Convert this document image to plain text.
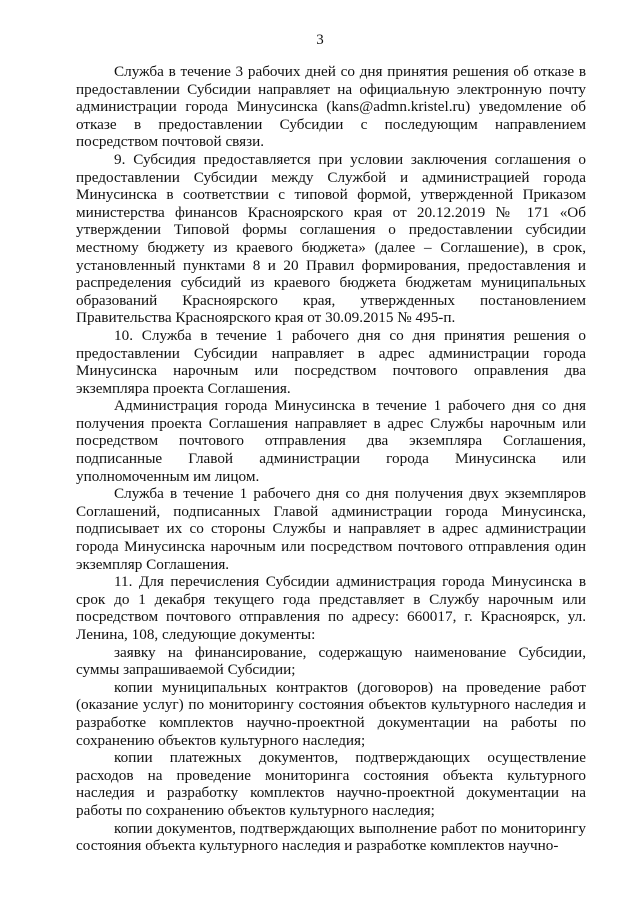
3

Служба в течение 3 рабочих дней со дня принятия решения об отказе в предоставлении Субсидии направляет на официальную электронную почту администрации города Минусинска (kans@admn.kristel.ru) уведомление об отказе в предоставлении Субсидии с последующим направлением посредством почтовой связи.

9. Субсидия предоставляется при условии заключения соглашения о предоставлении Субсидии между Службой и администрацией города Минусинска в соответствии с типовой формой, утвержденной Приказом министерства финансов Красноярского края от 20.12.2019 № 171 «Об утверждении Типовой формы соглашения о предоставлении субсидии местному бюджету из краевого бюджета» (далее – Соглашение), в срок, установленный пунктами 8 и 20 Правил формирования, предоставления и распределения субсидий из краевого бюджета бюджетам муниципальных образований Красноярского края, утвержденных постановлением Правительства Красноярского края от 30.09.2015 № 495-п.

10. Служба в течение 1 рабочего дня со дня принятия решения о предоставлении Субсидии направляет в адрес администрации города Минусинска нарочным или посредством почтового оправления два экземпляра проекта Соглашения.

Администрация города Минусинска в течение 1 рабочего дня со дня получения проекта Соглашения направляет в адрес Службы нарочным или посредством почтового отправления два экземпляра Соглашения, подписанные Главой администрации города Минусинска или уполномоченным им лицом.

Служба в течение 1 рабочего дня со дня получения двух экземпляров Соглашений, подписанных Главой администрации города Минусинска, подписывает их со стороны Службы и направляет в адрес администрации города Минусинска нарочным или посредством почтового отправления один экземпляр Соглашения.

11. Для перечисления Субсидии администрация города Минусинска в срок до 1 декабря текущего года представляет в Службу нарочным или посредством почтового отправления по адресу: 660017, г. Красноярск, ул. Ленина, 108, следующие документы:

заявку на финансирование, содержащую наименование Субсидии, суммы запрашиваемой Субсидии;

копии муниципальных контрактов (договоров) на проведение работ (оказание услуг) по мониторингу состояния объектов культурного наследия и разработке комплектов научно-проектной документации на работы по сохранению объектов культурного наследия;

копии платежных документов, подтверждающих осуществление расходов на проведение мониторинга состояния объекта культурного наследия и разработку комплектов научно-проектной документации на работы по сохранению объектов культурного наследия;

копии документов, подтверждающих выполнение работ по мониторингу состояния объекта культурного наследия и разработке комплектов научно-
